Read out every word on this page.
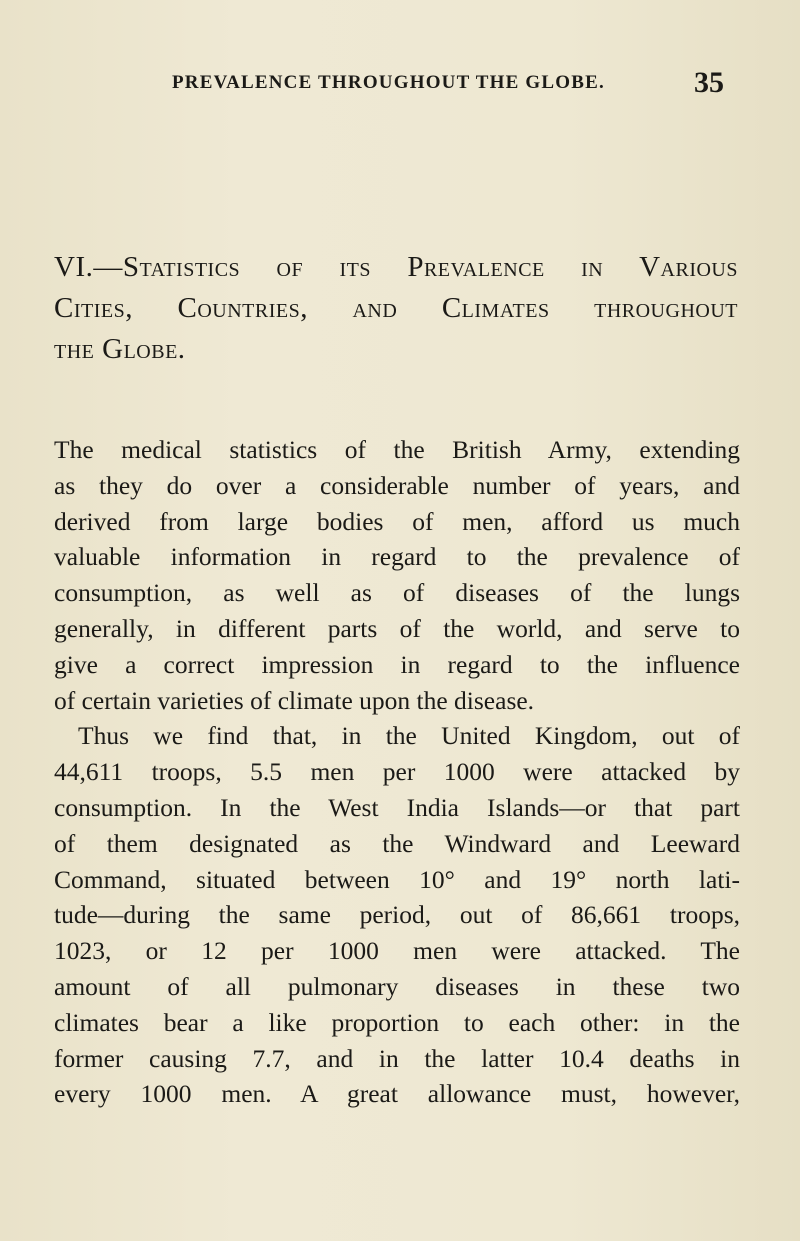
PREVALENCE THROUGHOUT THE GLOBE.	35
VI.—Statistics of its Prevalence in Various
Cities, Countries, and Climates throughout
the Globe.
The medical statistics of the British Army, extending
as they do over a considerable number of years, and
derived from large bodies of men, afford us much
valuable information in regard to the prevalence of
consumption, as well as of diseases of the lungs
generally, in different parts of the world, and serve to
give a correct impression in regard to the influence
of certain varieties of climate upon the disease.
Thus we find that, in the United Kingdom, out of
44,611 troops, 5.5 men per 1000 were attacked by
consumption. In the West India Islands—or that part
of them designated as the Windward and Leeward
Command, situated between 10° and 19° north lati-
tude—during the same period, out of 86,661 troops,
1023, or 12 per 1000 men were attacked. The
amount of all pulmonary diseases in these two
climates bear a like proportion to each other: in the
former causing 7.7, and in the latter 10.4 deaths in
every 1000 men. A great allowance must, however,
